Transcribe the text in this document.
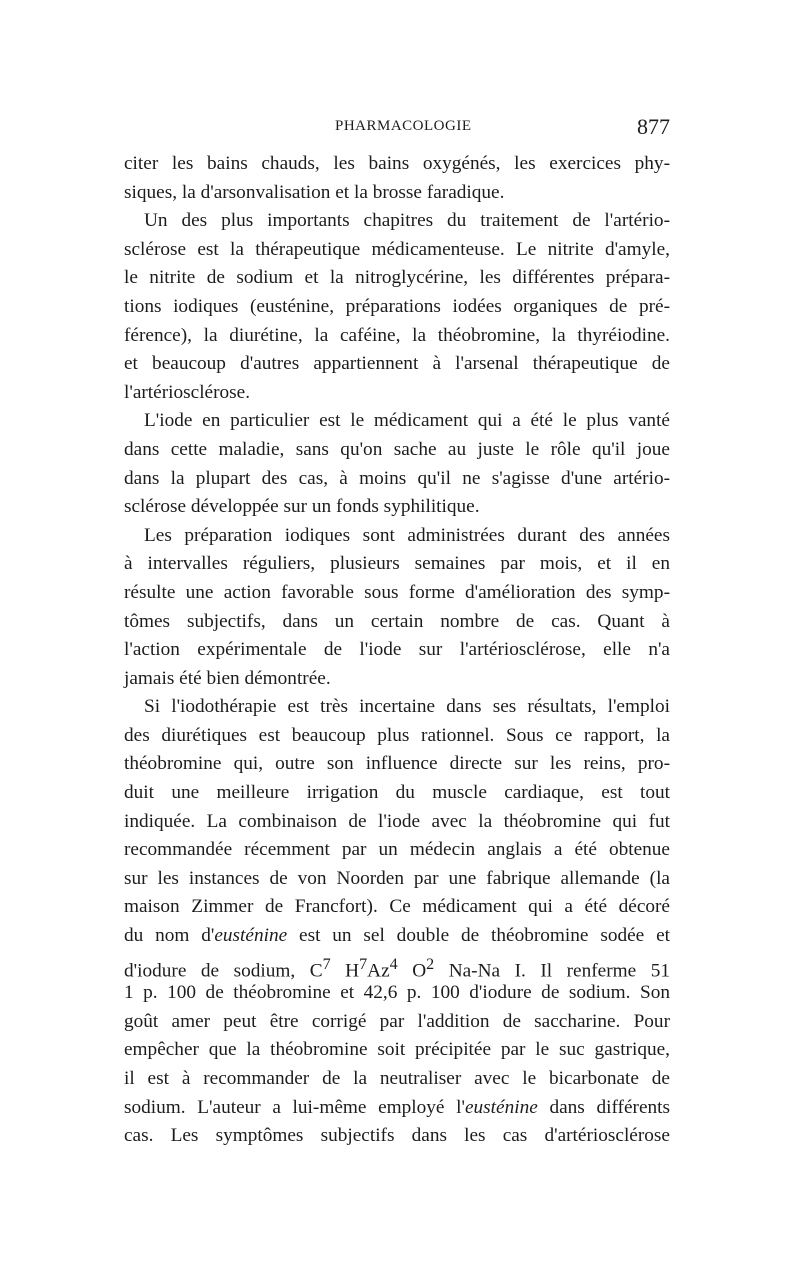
PHARMACOLOGIE	877
citer les bains chauds, les bains oxygénés, les exercices phy-
siques, la d'arsonvalisation et la brosse faradique.
Un des plus importants chapitres du traitement de l'artério-
sclérose est la thérapeutique médicamenteuse. Le nitrite d'amyle,
le nitrite de sodium et la nitroglycérine, les différentes prépara-
tions iodiques (eusténine, préparations iodées organiques de pré-
férence), la diurétine, la caféine, la théobromine, la thyréiodine.
et beaucoup d'autres appartiennent à l'arsenal thérapeutique de
l'artériosclérose.
L'iode en particulier est le médicament qui a été le plus vanté
dans cette maladie, sans qu'on sache au juste le rôle qu'il joue
dans la plupart des cas, à moins qu'il ne s'agisse d'une artério-
sclérose développée sur un fonds syphilitique.
Les préparation iodiques sont administrées durant des années
à intervalles réguliers, plusieurs semaines par mois, et il en
résulte une action favorable sous forme d'amélioration des symp-
tômes subjectifs, dans un certain nombre de cas. Quant à
l'action expérimentale de l'iode sur l'artériosclérose, elle n'a
jamais été bien démontrée.
Si l'iodothérapie est très incertaine dans ses résultats, l'emploi
des diurétiques est beaucoup plus rationnel. Sous ce rapport, la
théobromine qui, outre son influence directe sur les reins, pro-
duit une meilleure irrigation du muscle cardiaque, est tout
indiquée. La combinaison de l'iode avec la théobromine qui fut
recommandée récemment par un médecin anglais a été obtenue
sur les instances de von Noorden par une fabrique allemande (la
maison Zimmer de Francfort). Ce médicament qui a été décoré
du nom d'eusténine est un sel double de théobromine sodée et
d'iodure de sodium, $C^7$ $H^7Az^4$ $O^2$ Na-Na I. Il renferme 51
1 p. 100 de théobromine et 42,6 p. 100 d'iodure de sodium. Son
goût amer peut être corrigé par l'addition de saccharine. Pour
empêcher que la théobromine soit précipitée par le suc gastrique,
il est à recommander de la neutraliser avec le bicarbonate de
sodium. L'auteur a lui-même employé l'eusténine dans différents
cas. Les symptômes subjectifs dans les cas d'artériosclérose
